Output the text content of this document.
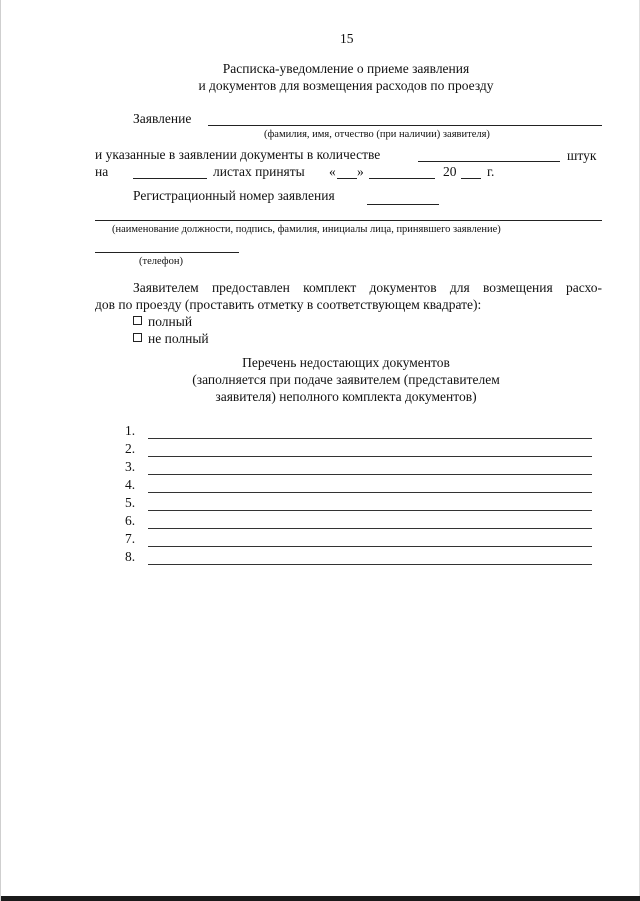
15
Расписка-уведомление о приеме заявления
и документов для возмещения расходов по проезду
Заявление
(фамилия, имя, отчество (при наличии) заявителя)
и указанные в заявлении документы в количестве	штук
на	листах приняты « »	20 г.
Регистрационный номер заявления
(наименование должности, подпись, фамилия, инициалы лица, принявшего заявление)
(телефон)
Заявителем предоставлен комплект документов для возмещения расхо-
дов по проезду (проставить отметку в соответствующем квадрате):
полный
не полный
Перечень недостающих документов
(заполняется при подаче заявителем (представителем
заявителя) неполного комплекта документов)
1.
2.
3.
4.
5.
6.
7.
8.
